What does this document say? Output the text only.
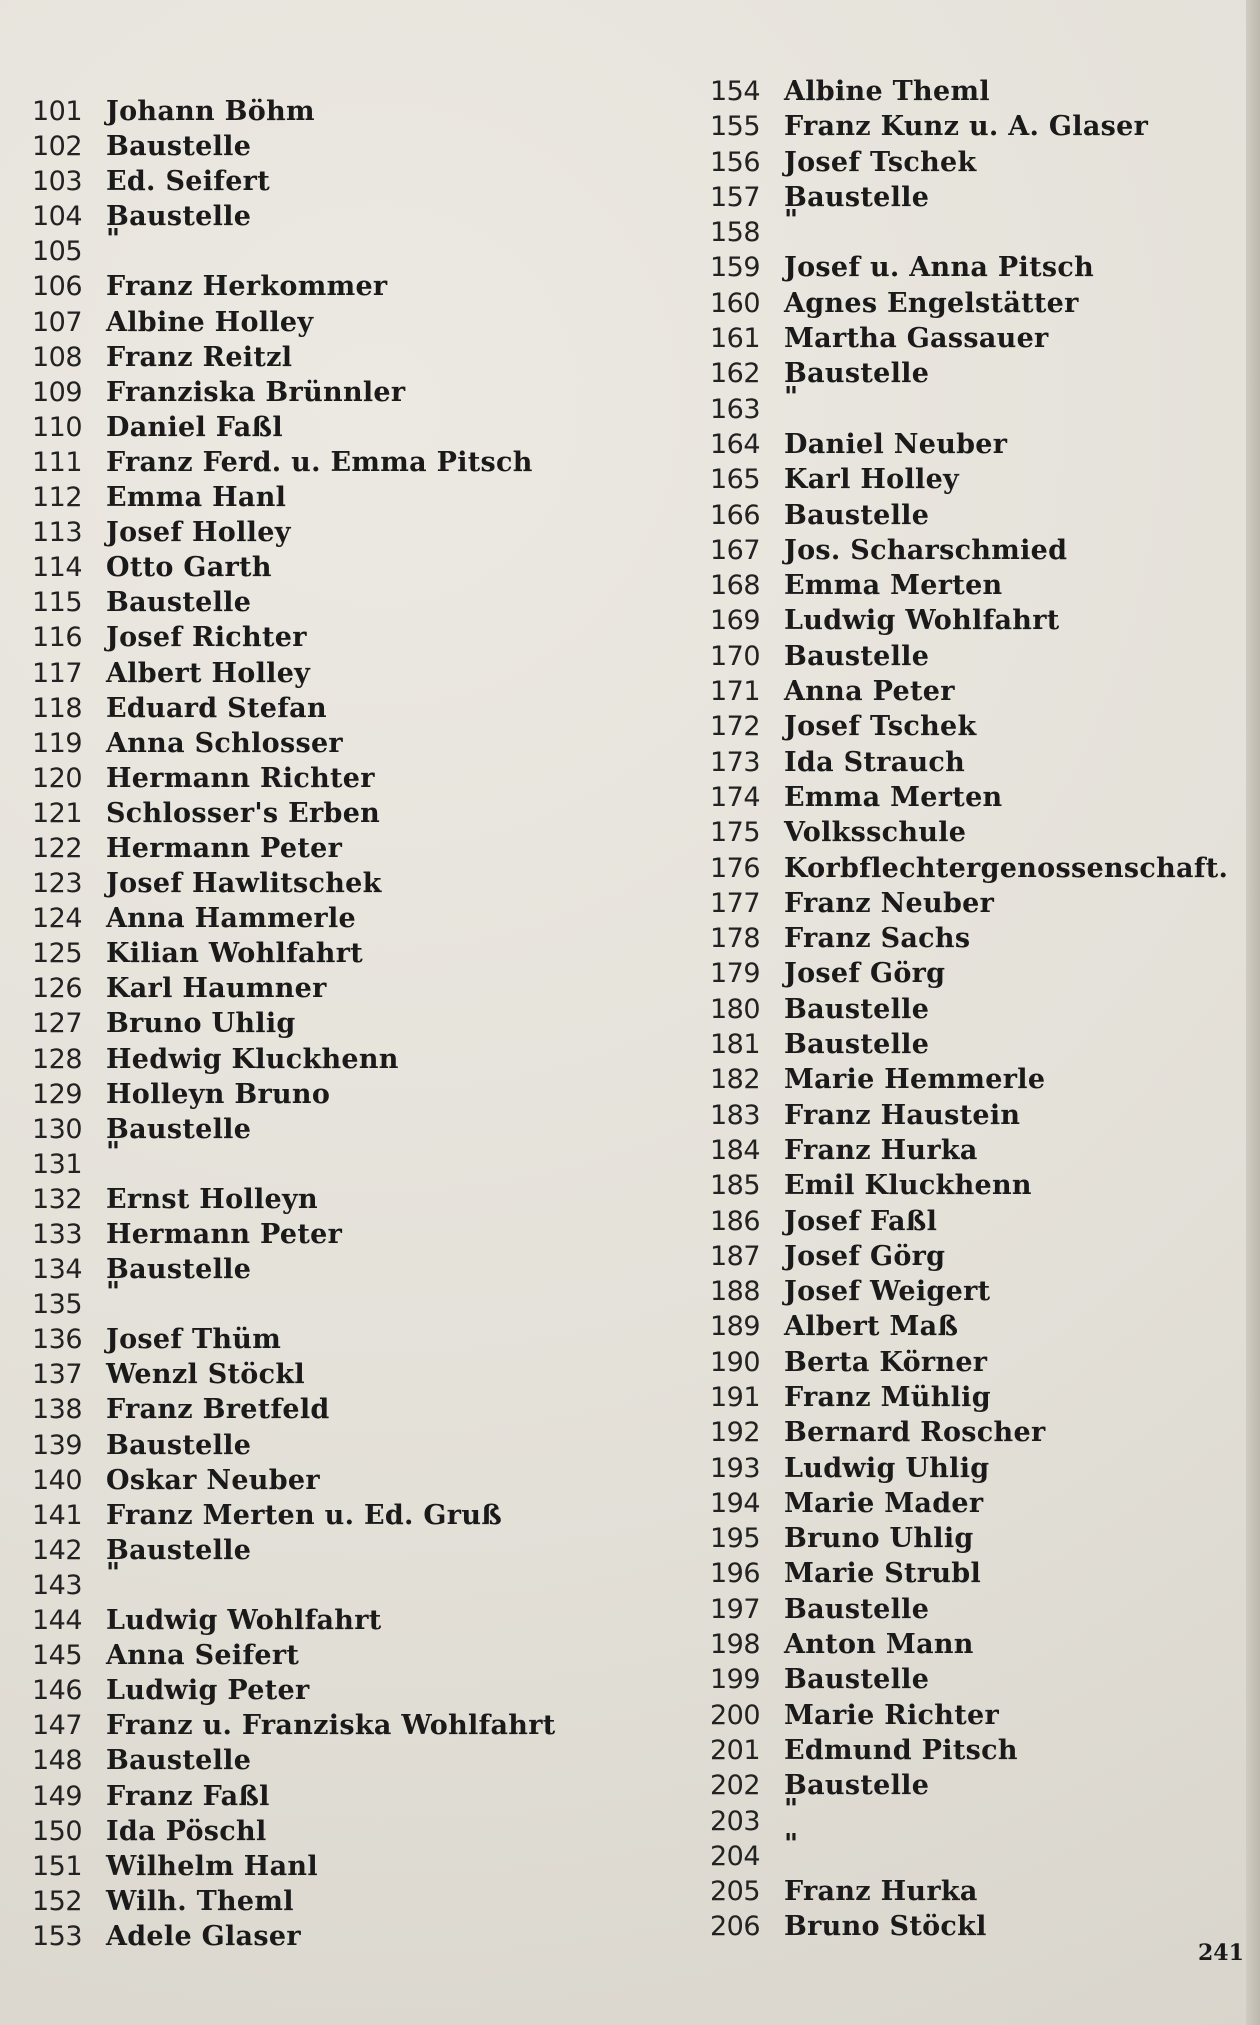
101 Johann Böhm
102 Baustelle
103 Ed. Seifert
104 Baustelle
105 "
106 Franz Herkommer
107 Albine Holley
108 Franz Reitzl
109 Franziska Brünnler
110 Daniel Faßl
111 Franz Ferd. u. Emma Pitsch
112 Emma Hanl
113 Josef Holley
114 Otto Garth
115 Baustelle
116 Josef Richter
117 Albert Holley
118 Eduard Stefan
119 Anna Schlosser
120 Hermann Richter
121 Schlosser's Erben
122 Hermann Peter
123 Josef Hawlitschek
124 Anna Hammerle
125 Kilian Wohlfahrt
126 Karl Haumner
127 Bruno Uhlig
128 Hedwig Kluckhenn
129 Holleyn Bruno
130 Baustelle
131 "
132 Ernst Holleyn
133 Hermann Peter
134 Baustelle
135 "
136 Josef Thüm
137 Wenzl Stöckl
138 Franz Bretfeld
139 Baustelle
140 Oskar Neuber
141 Franz Merten u. Ed. Gruß
142 Baustelle
143 "
144 Ludwig Wohlfahrt
145 Anna Seifert
146 Ludwig Peter
147 Franz u. Franziska Wohlfahrt
148 Baustelle
149 Franz Faßl
150 Ida Pöschl
151 Wilhelm Hanl
152 Wilh. Theml
153 Adele Glaser
154 Albine Theml
155 Franz Kunz u. A. Glaser
156 Josef Tschek
157 Baustelle
158 "
159 Josef u. Anna Pitsch
160 Agnes Engelstätter
161 Martha Gassauer
162 Baustelle
163 "
164 Daniel Neuber
165 Karl Holley
166 Baustelle
167 Jos. Scharschmied
168 Emma Merten
169 Ludwig Wohlfahrt
170 Baustelle
171 Anna Peter
172 Josef Tschek
173 Ida Strauch
174 Emma Merten
175 Volksschule
176 Korbflechtergenossenschaft.
177 Franz Neuber
178 Franz Sachs
179 Josef Görg
180 Baustelle
181 Baustelle
182 Marie Hemmerle
183 Franz Haustein
184 Franz Hurka
185 Emil Kluckhenn
186 Josef Faßl
187 Josef Görg
188 Josef Weigert
189 Albert Maß
190 Berta Körner
191 Franz Mühlig
192 Bernard Roscher
193 Ludwig Uhlig
194 Marie Mader
195 Bruno Uhlig
196 Marie Strubl
197 Baustelle
198 Anton Mann
199 Baustelle
200 Marie Richter
201 Edmund Pitsch
202 Baustelle
203 "
204 "
205 Franz Hurka
206 Bruno Stöckl
241
